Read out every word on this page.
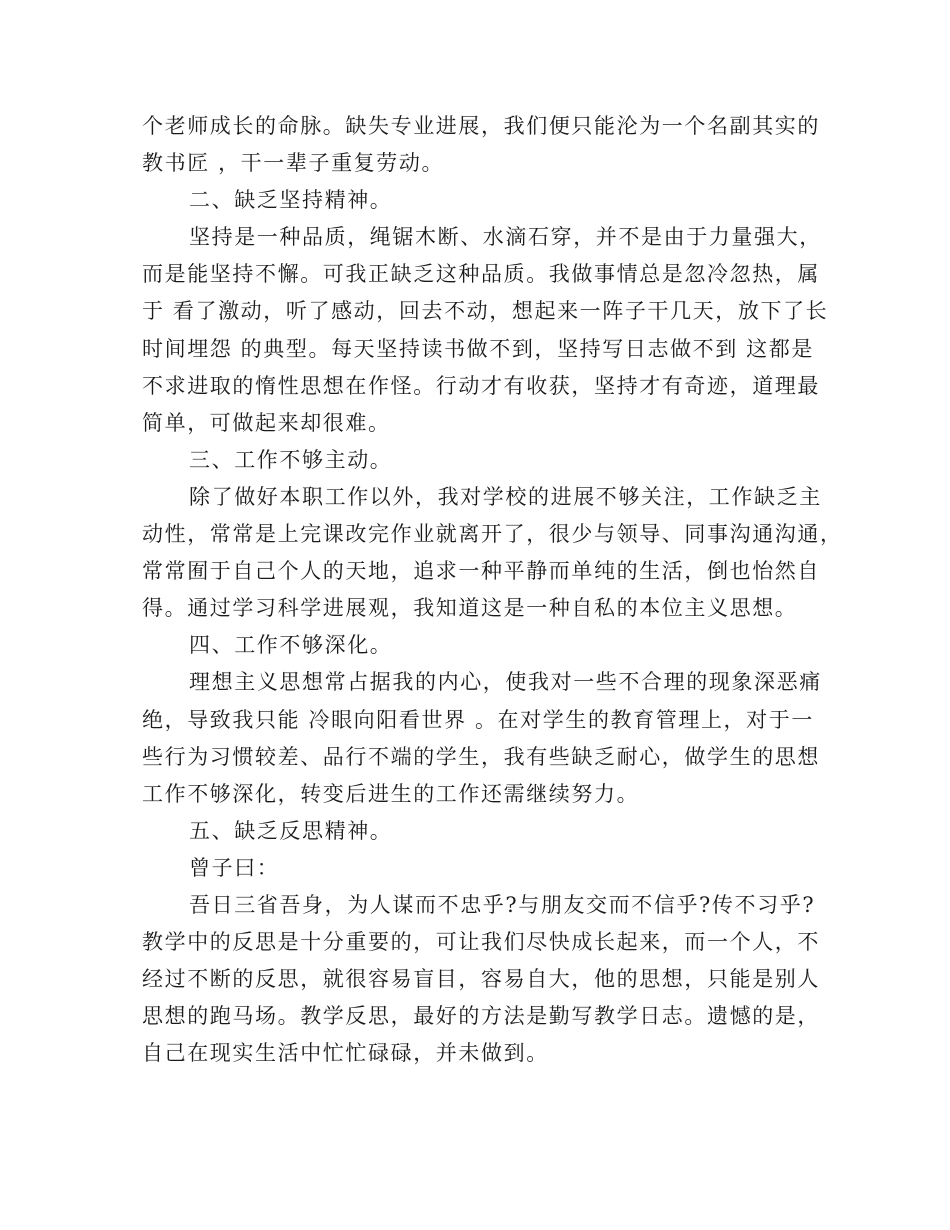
个老师成长的命脉。缺失专业进展，我们便只能沦为一个名副其实的
教书匠 ，干一辈子重复劳动。
二、缺乏坚持精神。
坚持是一种品质，绳锯木断、水滴石穿，并不是由于力量强大，
而是能坚持不懈。可我正缺乏这种品质。我做事情总是忽冷忽热，属
于 看了激动，听了感动，回去不动，想起来一阵子干几天，放下了长
时间埋怨 的典型。每天坚持读书做不到，坚持写日志做不到 这都是
不求进取的惰性思想在作怪。行动才有收获，坚持才有奇迹，道理最
简单，可做起来却很难。
三、工作不够主动。
除了做好本职工作以外，我对学校的进展不够关注，工作缺乏主
动性，常常是上完课改完作业就离开了，很少与领导、同事沟通沟通，
常常囿于自己个人的天地，追求一种平静而单纯的生活，倒也怡然自
得。通过学习科学进展观，我知道这是一种自私的本位主义思想。
四、工作不够深化。
理想主义思想常占据我的内心，使我对一些不合理的现象深恶痛
绝，导致我只能 冷眼向阳看世界 。在对学生的教育管理上，对于一
些行为习惯较差、品行不端的学生，我有些缺乏耐心，做学生的思想
工作不够深化，转变后进生的工作还需继续努力。
五、缺乏反思精神。
曾子曰：
吾日三省吾身，为人谋而不忠乎?与朋友交而不信乎?传不习乎?
教学中的反思是十分重要的，可让我们尽快成长起来，而一个人，不
经过不断的反思，就很容易盲目，容易自大，他的思想，只能是别人
思想的跑马场。教学反思，最好的方法是勤写教学日志。遗憾的是，
自己在现实生活中忙忙碌碌，并未做到。
